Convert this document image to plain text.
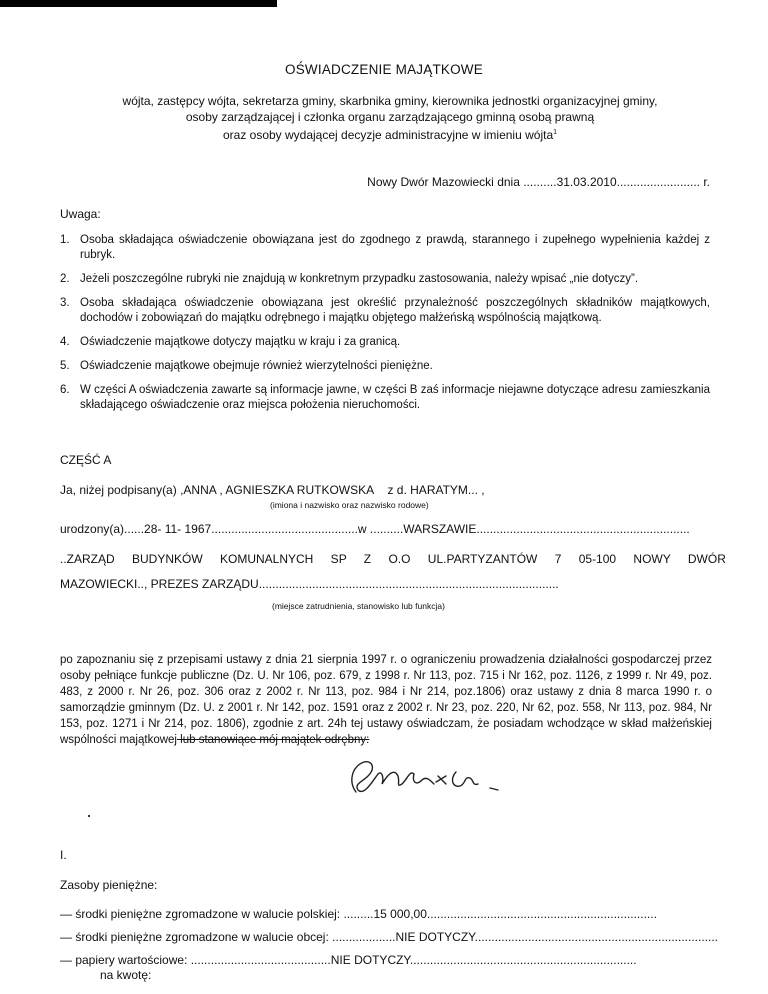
OŚWIADCZENIE MAJĄTKOWE
wójta, zastępcy wójta, sekretarza gminy, skarbnika gminy, kierownika jednostki organizacyjnej gminy,
osoby zarządzającej i członka organu zarządzającego gminną osobą prawną
oraz osoby wydającej decyzje administracyjne w imieniu wójta$^1$
Nowy Dwór Mazowiecki dnia ..........31.03.2010......................... r.
Uwaga:
1. Osoba składająca oświadczenie obowiązana jest do zgodnego z prawdą, starannego i zupełnego wypełnienia każdej z rubryk.
2. Jeżeli poszczególne rubryki nie znajdują w konkretnym przypadku zastosowania, należy wpisać „nie dotyczy”.
3. Osoba składająca oświadczenie obowiązana jest określić przynależność poszczególnych składników majątkowych, dochodów i zobowiązań do majątku odrębnego i majątku objętego małżeńską wspólnością majątkową.
4. Oświadczenie majątkowe dotyczy majątku w kraju i za granicą.
5. Oświadczenie majątkowe obejmuje również wierzytelności pieniężne.
6. W części A oświadczenia zawarte są informacje jawne, w części B zaś informacje niejawne dotyczące adresu zamieszkania składającego oświadczenie oraz miejsca położenia nieruchomości.
CZĘŚĆ A
Ja, niżej podpisany(a) ,ANNA , AGNIESZKA RUTKOWSKA z d. HARATYM... ,
(imiona i nazwisko oraz nazwisko rodowe)
urodzony(a)......28- 11- 1967............................................w ..........WARSZAWIE................................................................
..ZARZĄD BUDYNKÓW KOMUNALNYCH SP Z O.O UL.PARTYZANTÓW 7 05-100 NOWY DWÓR
MAZOWIECKI.., PREZES ZARZĄDU..........................................................................................
(miejsce zatrudnienia, stanowisko lub funkcja)
po zapoznaniu się z przepisami ustawy z dnia 21 sierpnia 1997 r. o ograniczeniu prowadzenia działalności gospodarczej przez osoby pełniące funkcje publiczne (Dz. U. Nr 106, poz. 679, z 1998 r. Nr 113, poz. 715 i Nr 162, poz. 1126, z 1999 r. Nr 49, poz. 483, z 2000 r. Nr 26, poz. 306 oraz z 2002 r. Nr 113, poz. 984 i Nr 214, poz.1806) oraz ustawy z dnia 8 marca 1990 r. o samorządzie gminnym (Dz. U. z 2001 r. Nr 142, poz. 1591 oraz z 2002 r. Nr 23, poz. 220, Nr 62, poz. 558, Nr 113, poz. 984, Nr 153, poz. 1271 i Nr 214, poz. 1806), zgodnie z art. 24h tej ustawy oświadczam, że posiadam wchodzące w skład małżeńskiej wspólności majątkowej lub stanowiące mój majątek odrębny:
I.
Zasoby pieniężne:
— środki pieniężne zgromadzone w walucie polskiej: .........15 000,00.....................................................................
— środki pieniężne zgromadzone w walucie obcej: ...................NIE DOTYCZY.........................................................................
— papiery wartościowe: ..........................................NIE DOTYCZY....................................................................
na kwotę:
